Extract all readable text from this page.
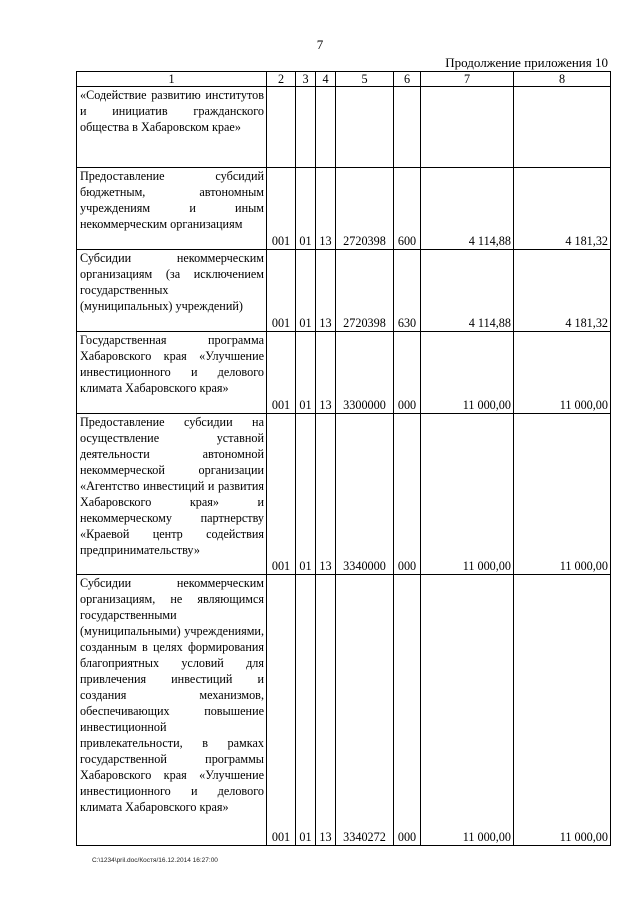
7
Продолжение приложения 10
1	2	3	4	5	6	7	8
«Содействие развитию институтов и инициатив гражданского общества в Хабаровском крае»							
Предоставление субсидий бюджетным, автономным учреждениям и иным некоммерческим организациям	001	01	13	2720398	600	4 114,88	4 181,32
Субсидии некоммерческим организациям (за исключением государственных (муниципальных) учреждений)	001	01	13	2720398	630	4 114,88	4 181,32
Государственная программа Хабаровского края «Улучшение инвестиционного и делового климата Хабаровского края»	001	01	13	3300000	000	11 000,00	11 000,00
Предоставление субсидии на осуществление уставной деятельности автономной некоммерческой организации «Агентство инвестиций и развития Хабаровского края» и некоммерческому партнерству «Краевой центр содействия предпринимательству»	001	01	13	3340000	000	11 000,00	11 000,00
Субсидии некоммерческим организациям, не являющимся государственными (муниципальными) учреждениями, созданным в целях формирования благоприятных условий для привлечения инвестиций и создания механизмов, обеспечивающих повышение инвестиционной привлекательности, в рамках государственной программы Хабаровского края «Улучшение инвестиционного и делового климата Хабаровского края»	001	01	13	3340272	000	11 000,00	11 000,00
C:\1234\pril.doc/Костя/16.12.2014 16:27:00
